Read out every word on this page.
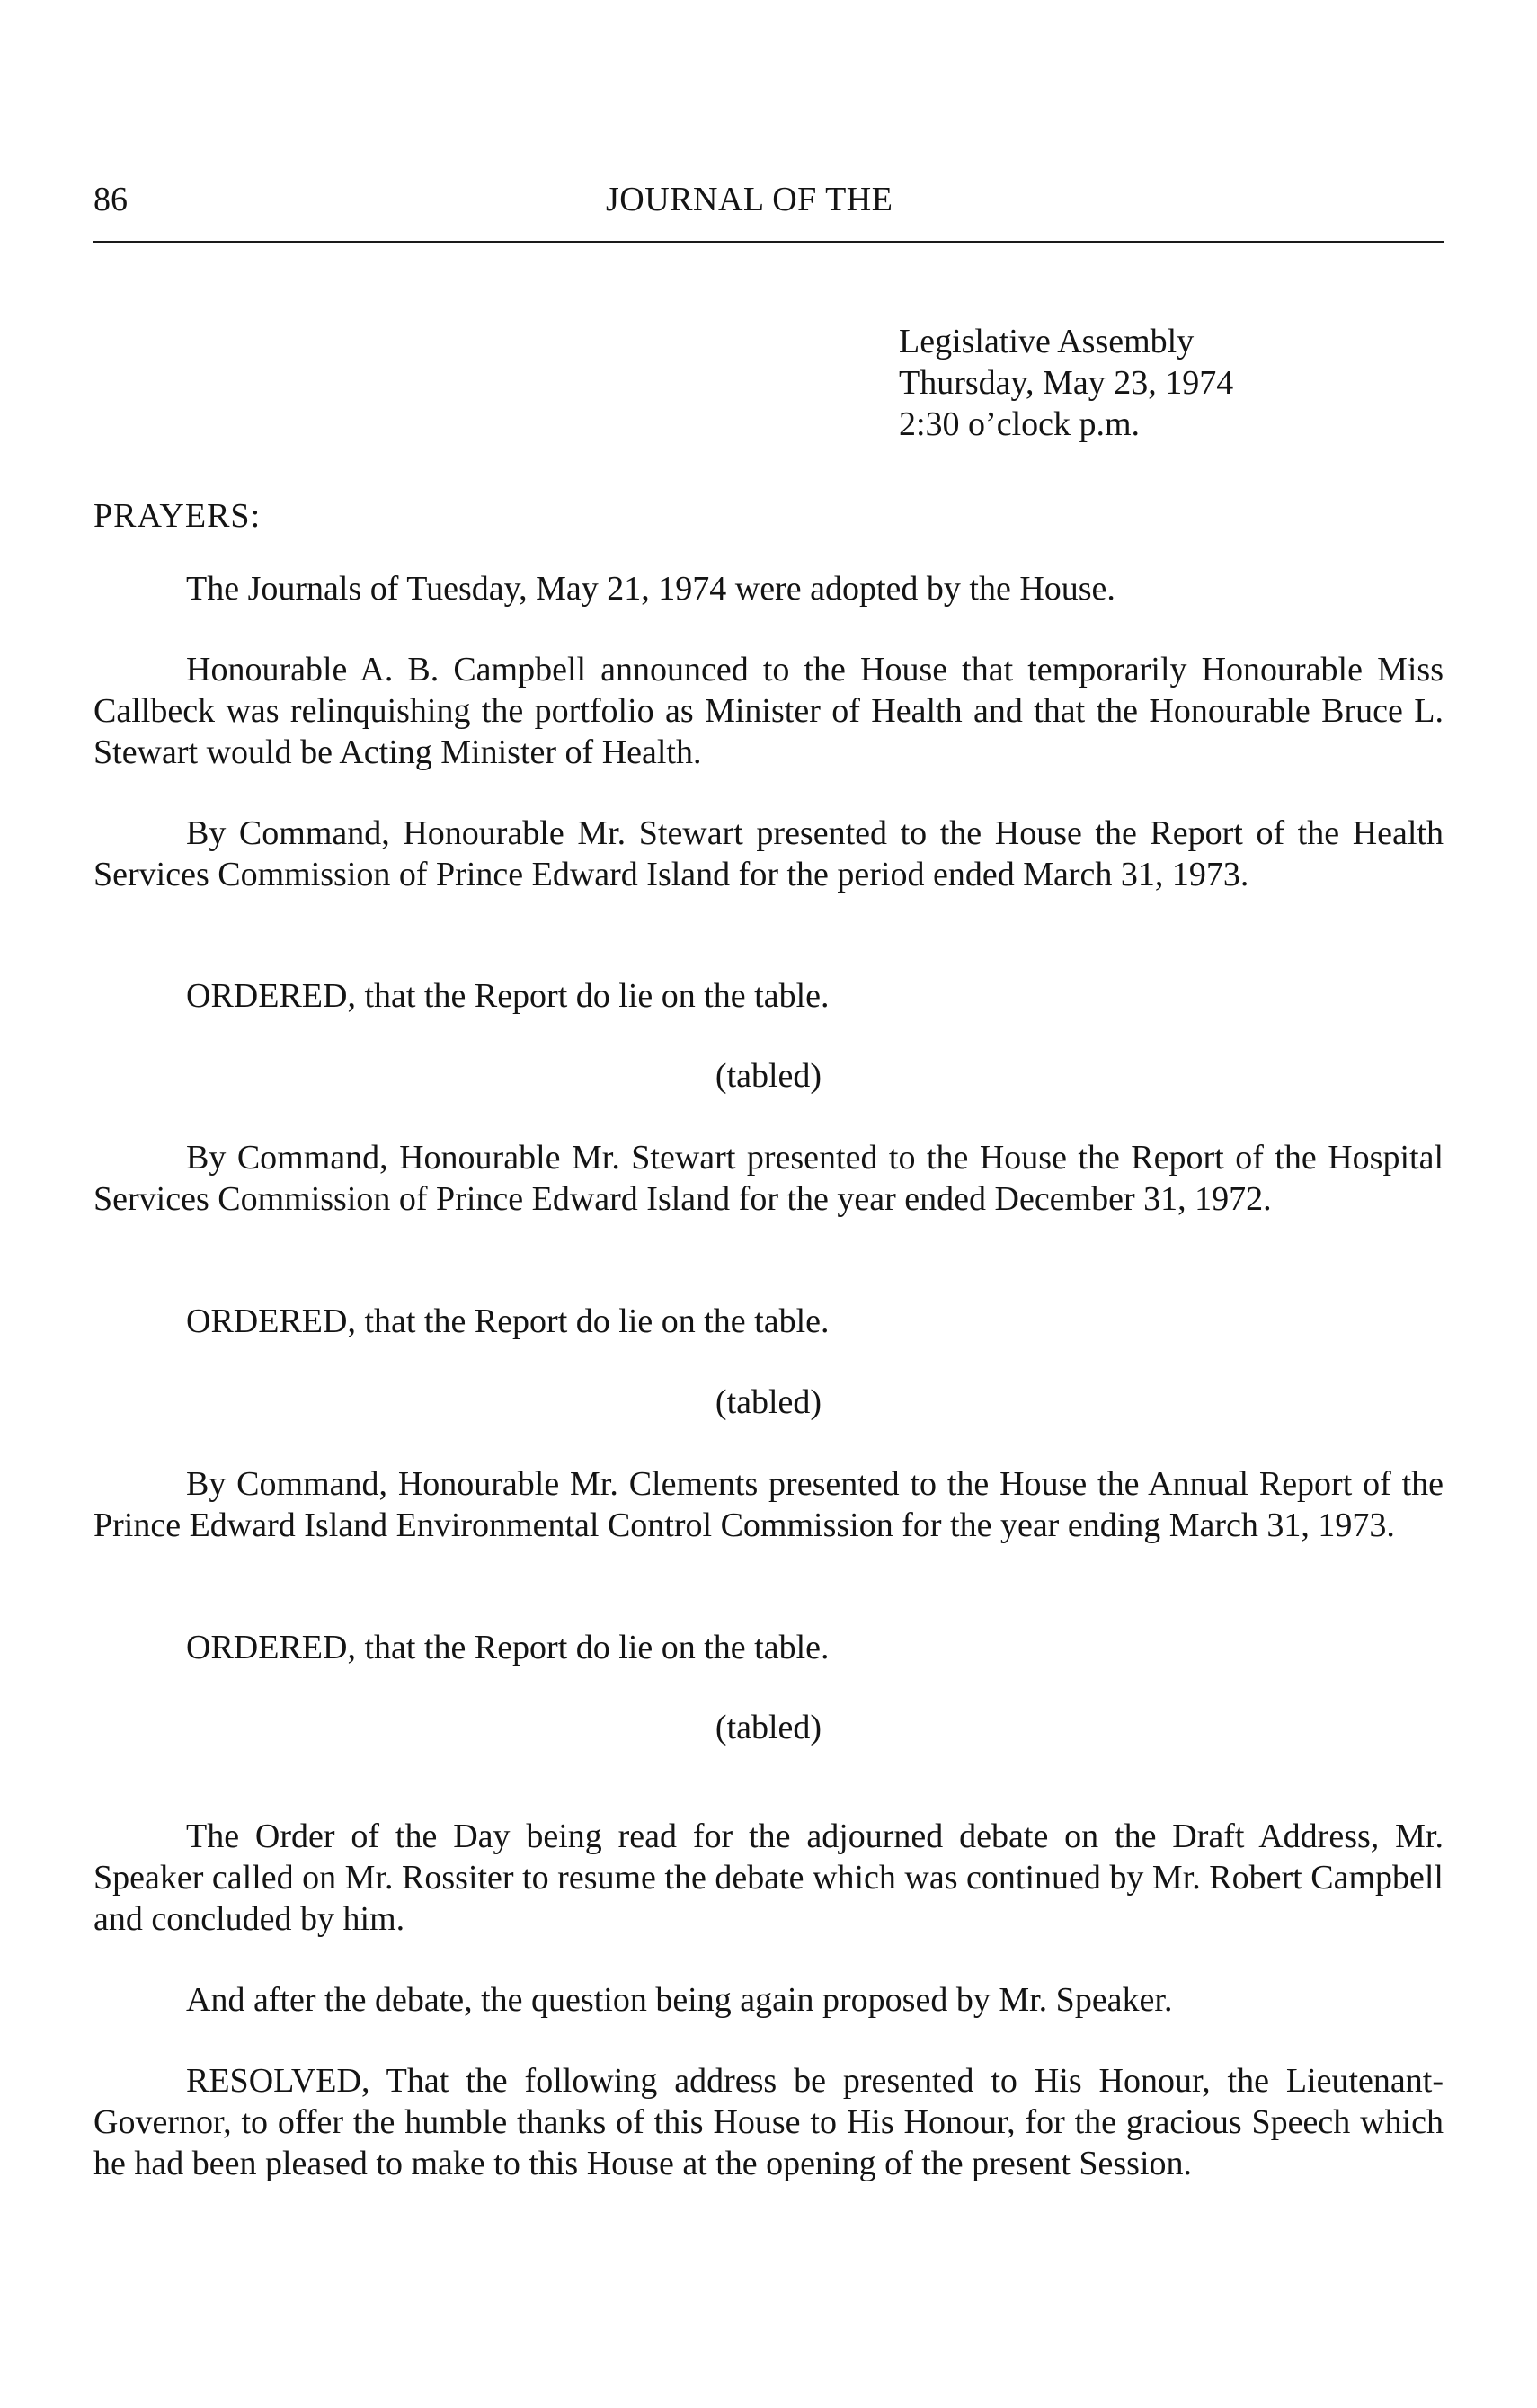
86	JOURNAL OF THE
Legislative Assembly
Thursday, May 23, 1974
2:30 o’clock p.m.
PRAYERS:
The Journals of Tuesday, May 21, 1974 were adopted by the House.
Honourable A. B. Campbell announced to the House that temporarily Honourable Miss Callbeck was relinquishing the portfolio as Minister of Health and that the Honourable Bruce L. Stewart would be Acting Minister of Health.
By Command, Honourable Mr. Stewart presented to the House the Report of the Health Services Commission of Prince Edward Island for the period ended March 31, 1973.
ORDERED, that the Report do lie on the table.
(tabled)
By Command, Honourable Mr. Stewart presented to the House the Report of the Hospital Services Commission of Prince Edward Island for the year ended December 31, 1972.
ORDERED, that the Report do lie on the table.
(tabled)
By Command, Honourable Mr. Clements presented to the House the Annual Report of the Prince Edward Island Environmental Control Commission for the year ending March 31, 1973.
ORDERED, that the Report do lie on the table.
(tabled)
The Order of the Day being read for the adjourned debate on the Draft Address, Mr. Speaker called on Mr. Rossiter to resume the debate which was continued by Mr. Robert Campbell and concluded by him.
And after the debate, the question being again proposed by Mr. Speaker.
RESOLVED, That the following address be presented to His Honour, the Lieutenant-Governor, to offer the humble thanks of this House to His Honour, for the gracious Speech which he had been pleased to make to this House at the opening of the present Session.
